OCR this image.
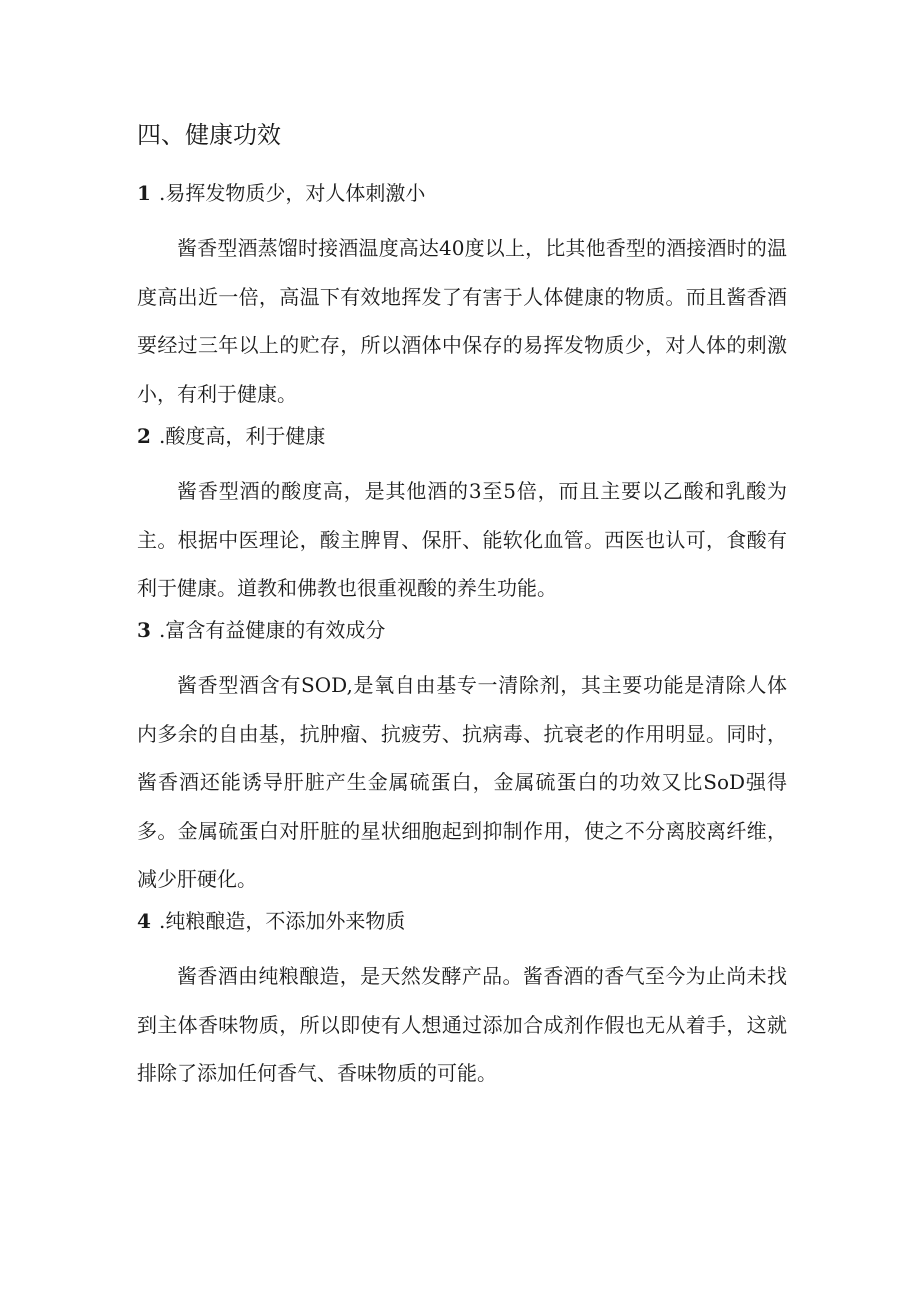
四、健康功效
1 .易挥发物质少，对人体刺激小

酱香型酒蒸馏时接酒温度高达40度以上，比其他香型的酒接酒时的温度高出近一倍，高温下有效地挥发了有害于人体健康的物质。而且酱香酒要经过三年以上的贮存，所以酒体中保存的易挥发物质少，对人体的刺激小，有利于健康。

2 .酸度高，利于健康

酱香型酒的酸度高，是其他酒的3至5倍，而且主要以乙酸和乳酸为主。根据中医理论，酸主脾胃、保肝、能软化血管。西医也认可，食酸有利于健康。道教和佛教也很重视酸的养生功能。

3 .富含有益健康的有效成分

酱香型酒含有SOD,是氧自由基专一清除剂，其主要功能是清除人体内多余的自由基，抗肿瘤、抗疲劳、抗病毒、抗衰老的作用明显。同时，酱香酒还能诱导肝脏产生金属硫蛋白，金属硫蛋白的功效又比SoD强得多。金属硫蛋白对肝脏的星状细胞起到抑制作用，使之不分离胶离纤维，减少肝硬化。

4 .纯粮酿造，不添加外来物质

酱香酒由纯粮酿造，是天然发酵产品。酱香酒的香气至今为止尚未找到主体香味物质，所以即使有人想通过添加合成剂作假也无从着手，这就排除了添加任何香气、香味物质的可能。
